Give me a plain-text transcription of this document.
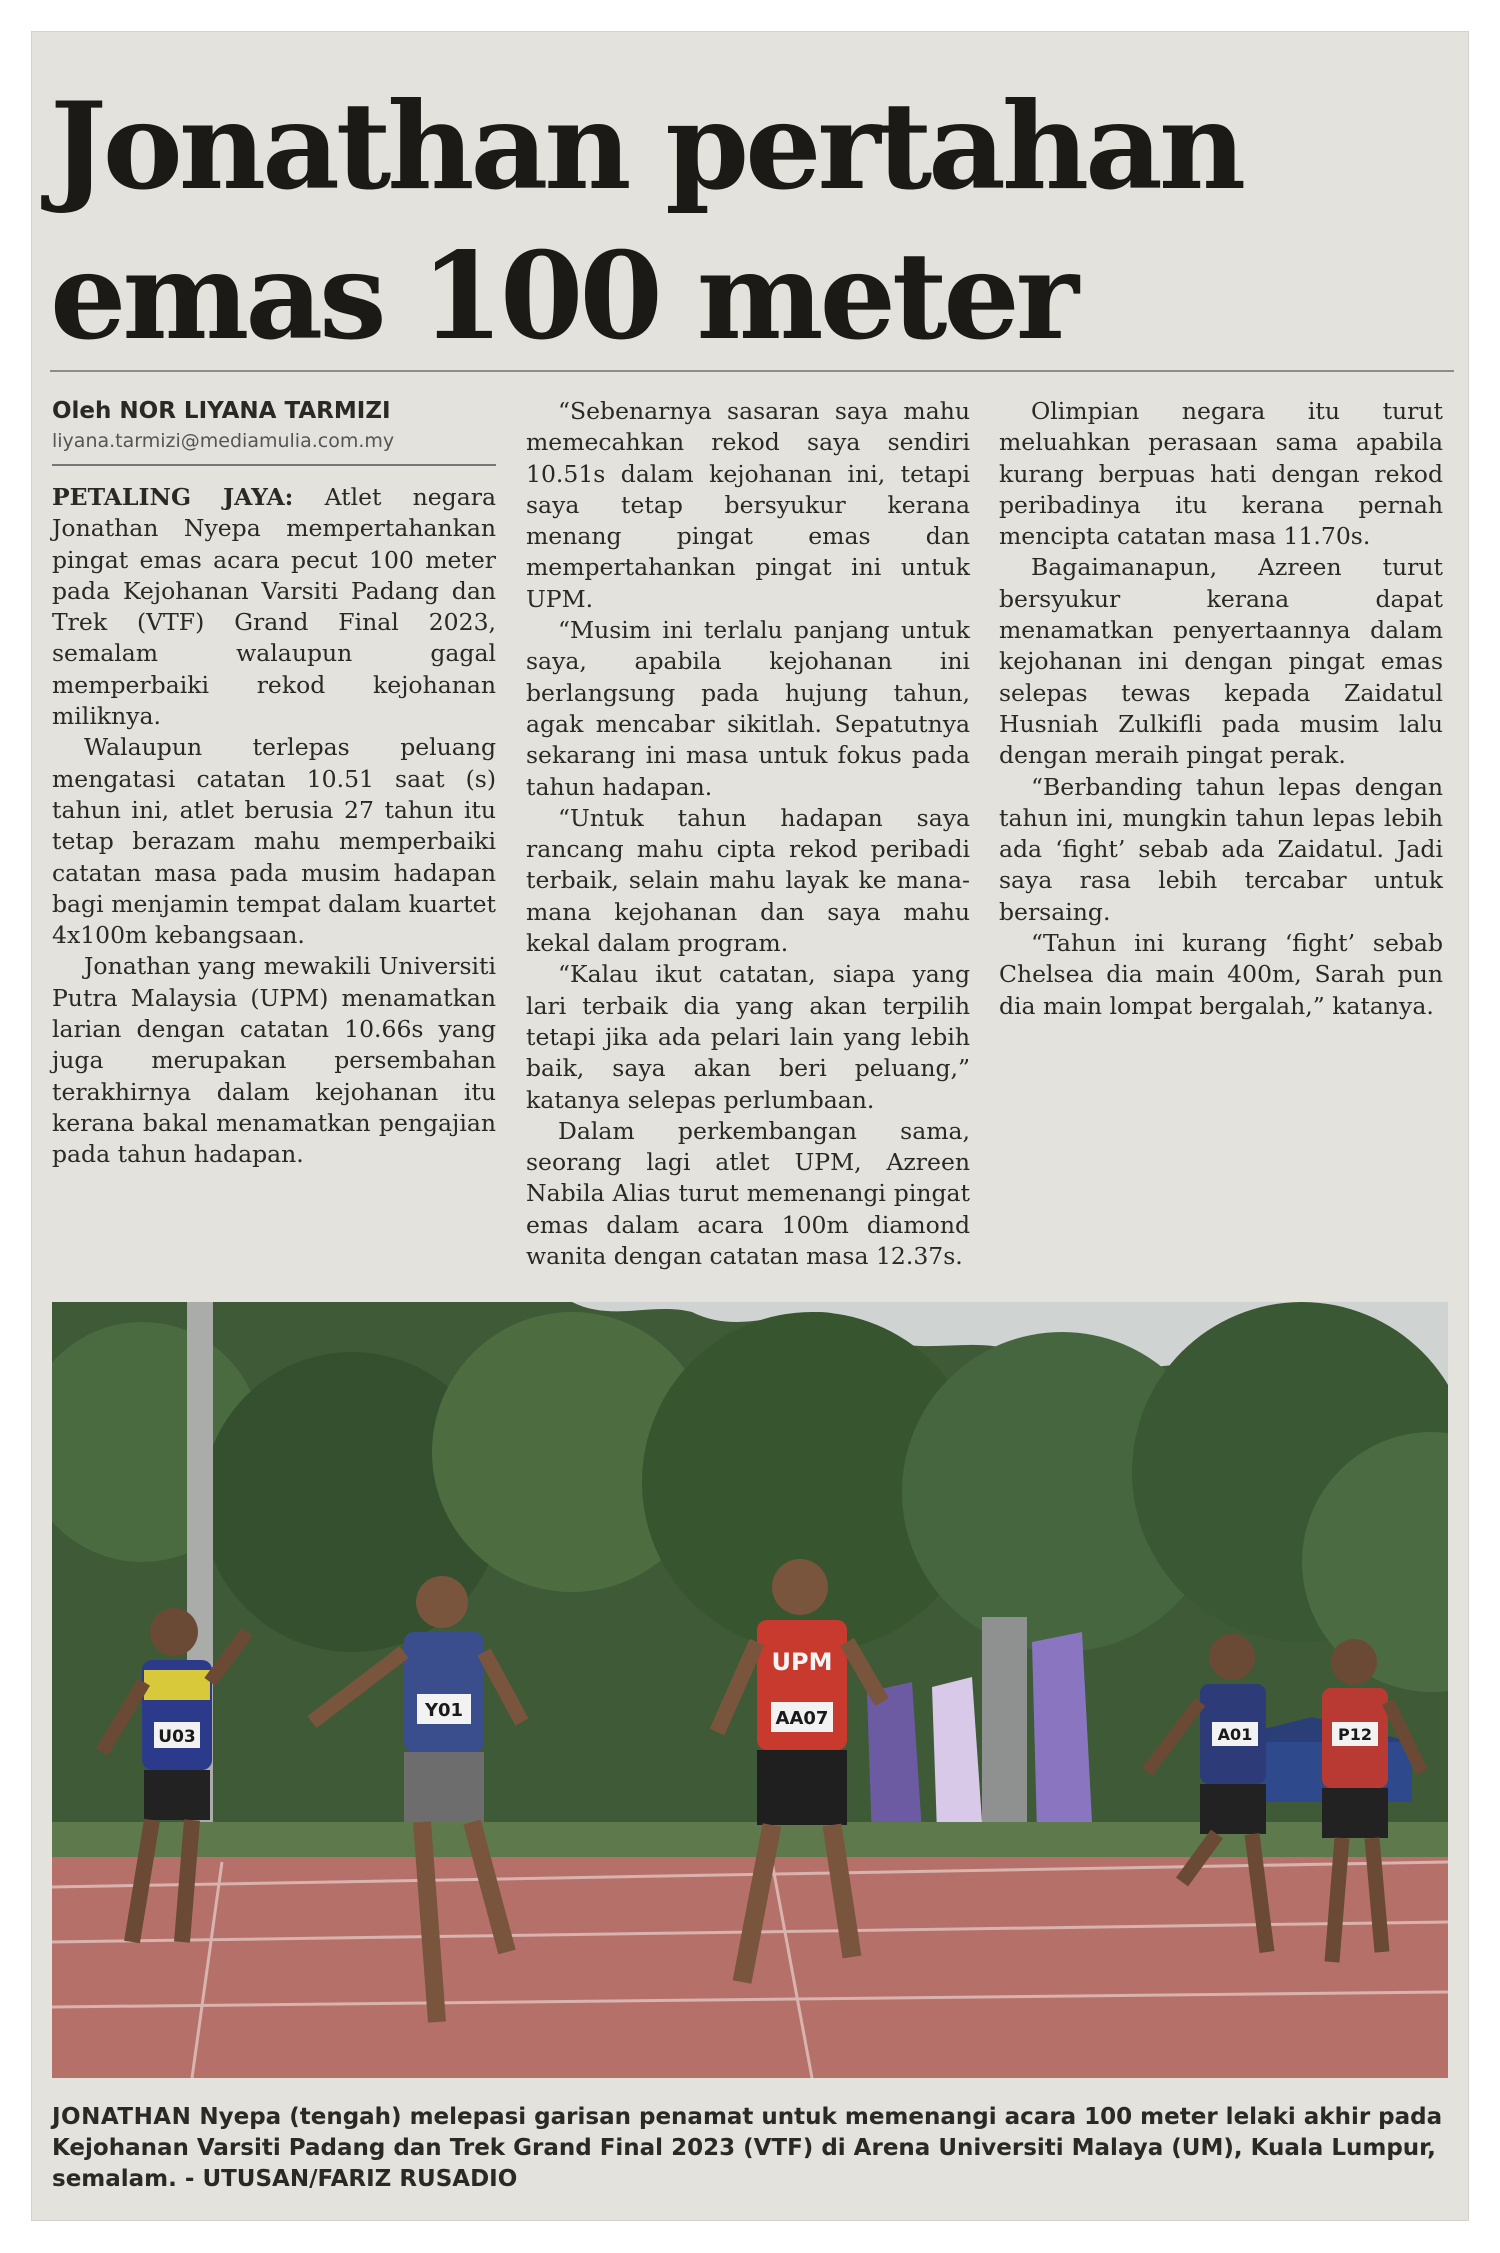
Jonathan pertahan
emas 100 meter
Oleh NOR LIYANA TARMIZI
liyana.tarmizi@mediamulia.com.my

PETALING JAYA: Atlet negara Jonathan Nyepa mempertahankan pingat emas acara pecut 100 meter pada Kejohanan Varsiti Padang dan Trek (VTF) Grand Final 2023, semalam walaupun gagal memperbaiki rekod kejohanan miliknya.

Walaupun terlepas peluang mengatasi catatan 10.51 saat (s) tahun ini, atlet berusia 27 tahun itu tetap berazam mahu memperbaiki catatan masa pada musim hadapan bagi menjamin tempat dalam kuartet 4x100m kebangsaan.

Jonathan yang mewakili Universiti Putra Malaysia (UPM) menamatkan larian dengan catatan 10.66s yang juga merupakan persembahan terakhirnya dalam kejohanan itu kerana bakal menamatkan pengajian pada tahun hadapan.

“Sebenarnya sasaran saya mahu memecahkan rekod saya sendiri 10.51s dalam kejohanan ini, tetapi saya tetap bersyukur kerana menang pingat emas dan mempertahankan pingat ini untuk UPM.

“Musim ini terlalu panjang untuk saya, apabila kejohanan ini berlangsung pada hujung tahun, agak mencabar sikitlah. Sepatutnya sekarang ini masa untuk fokus pada tahun hadapan.

“Untuk tahun hadapan saya rancang mahu cipta rekod peribadi terbaik, selain mahu layak ke mana-mana kejohanan dan saya mahu kekal dalam program.

“Kalau ikut catatan, siapa yang lari terbaik dia yang akan terpilih tetapi jika ada pelari lain yang lebih baik, saya akan beri peluang,” katanya selepas perlumbaan.

Dalam perkembangan sama, seorang lagi atlet UPM, Azreen Nabila Alias turut memenangi pingat emas dalam acara 100m diamond wanita dengan catatan masa 12.37s.

Olimpian negara itu turut meluahkan perasaan sama apabila kurang berpuas hati dengan rekod peribadinya itu kerana pernah mencipta catatan masa 11.70s.

Bagaimanapun, Azreen turut bersyukur kerana dapat menamatkan penyertaannya dalam kejohanan ini dengan pingat emas selepas tewas kepada Zaidatul Husniah Zulkifli pada musim lalu dengan meraih pingat perak.

“Berbanding tahun lepas dengan tahun ini, mungkin tahun lepas lebih ada ‘fight’ sebab ada Zaidatul. Jadi saya rasa lebih tercabar untuk bersaing.

“Tahun ini kurang ‘fight’ sebab Chelsea dia main 400m, Sarah pun dia main lompat bergalah,” katanya.

U03
Y01
UPM
AA07
A01	P12

JONATHAN Nyepa (tengah) melepasi garisan penamat untuk memenangi acara 100 meter lelaki akhir pada Kejohanan Varsiti Padang dan Trek Grand Final 2023 (VTF) di Arena Universiti Malaya (UM), Kuala Lumpur, semalam. - UTUSAN/FARIZ RUSADIO
